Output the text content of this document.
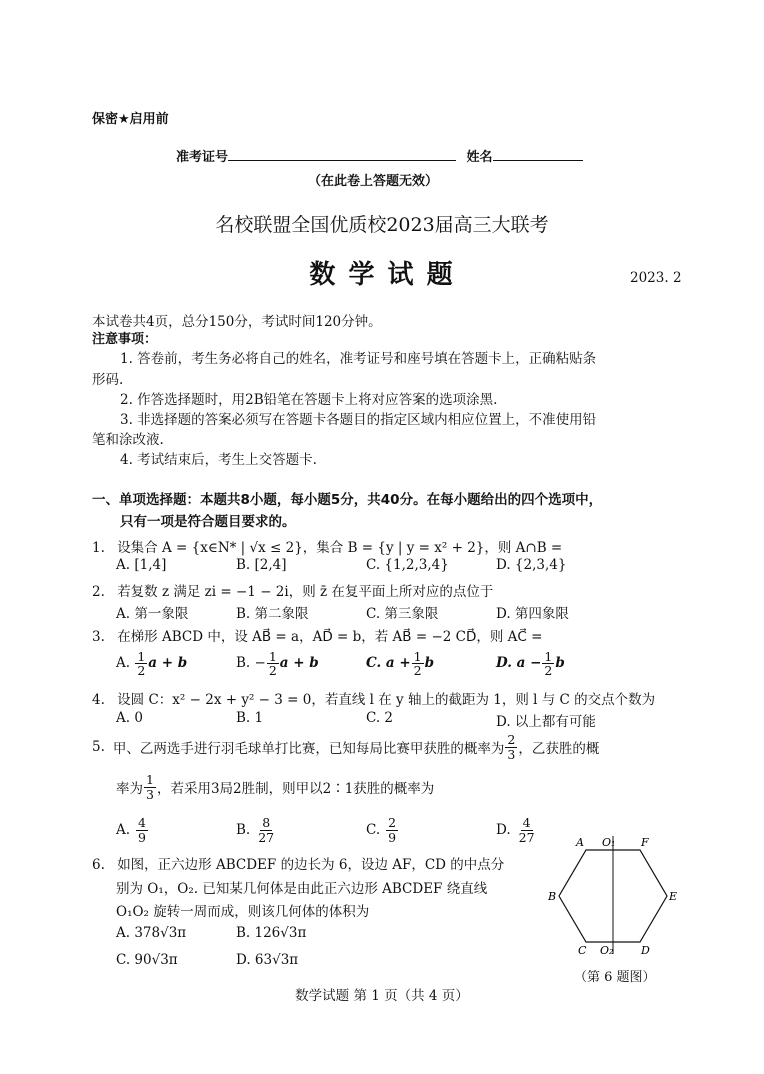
保密★启用前
准考证号	姓名
（在此卷上答题无效）
名校联盟全国优质校2023届高三大联考
数 学 试 题	2023. 2
本试卷共4页，总分150分，考试时间120分钟。
注意事项：
1. 答卷前，考生务必将自己的姓名，准考证号和座号填在答题卡上，正确粘贴条
形码.
2. 作答选择题时，用2B铅笔在答题卡上将对应答案的选项涂黑.
3. 非选择题的答案必须写在答题卡各题目的指定区域内相应位置上，不准使用铅
笔和涂改液.
4. 考试结束后，考生上交答题卡.
一、单项选择题：本题共8小题，每小题5分，共40分。在每小题给出的四个选项中，
只有一项是符合题目要求的。
1. 设集合 A = {x∈N* | √x ≤ 2}，集合 B = {y | y = x² + 2}，则 A∩B =
A. [1,4]	B. [2,4]	C. {1,2,3,4}	D. {2,3,4}
2. 若复数 z 满足 zi = −1 − 2i，则 z̄ 在复平面上所对应的点位于
A. 第一象限	B. 第二象限	C. 第三象限	D. 第四象限
3. 在梯形 ABCD 中，设 AB⃗ = a，AD⃗ = b，若 AB⃗ = −2 CD⃗，则 AC⃗ =
A. $\frac{1}{2}$ a + b	B. − $\frac{1}{2}$ a + b	C. $a + \frac{1}{2}$ b	D. $a - \frac{1}{2}$ b
4. 设圆 C：x² − 2x + y² − 3 = 0，若直线 l 在 y 轴上的截距为 1，则 l 与 C 的交点个数为
A. 0	B. 1	C. 2	D. 以上都有可能
5. 甲、乙两选手进行羽毛球单打比赛，已知每局比赛甲获胜的概率为 $\frac{2}{3}$ ，乙获胜的概
率为 $\frac{1}{3}$ ，若采用3局2胜制，则甲以2∶1获胜的概率为
A. $\frac{4}{9}$	B. $\frac{8}{27}$	C. $\frac{2}{9}$	D. $\frac{4}{27}$
6. 如图，正六边形 ABCDEF 的边长为 6，设边 AF，CD 的中点分
别为 O₁，O₂. 已知某几何体是由此正六边形 ABCDEF 绕直线
O₁O₂ 旋转一周而成，则该几何体的体积为
A. 378√3π	B. 126√3π
C. 90√3π	D. 63√3π
A O₁ F
B	E
C O₂	D
（第 6 题图）
数学试题 第 1 页（共 4 页）
